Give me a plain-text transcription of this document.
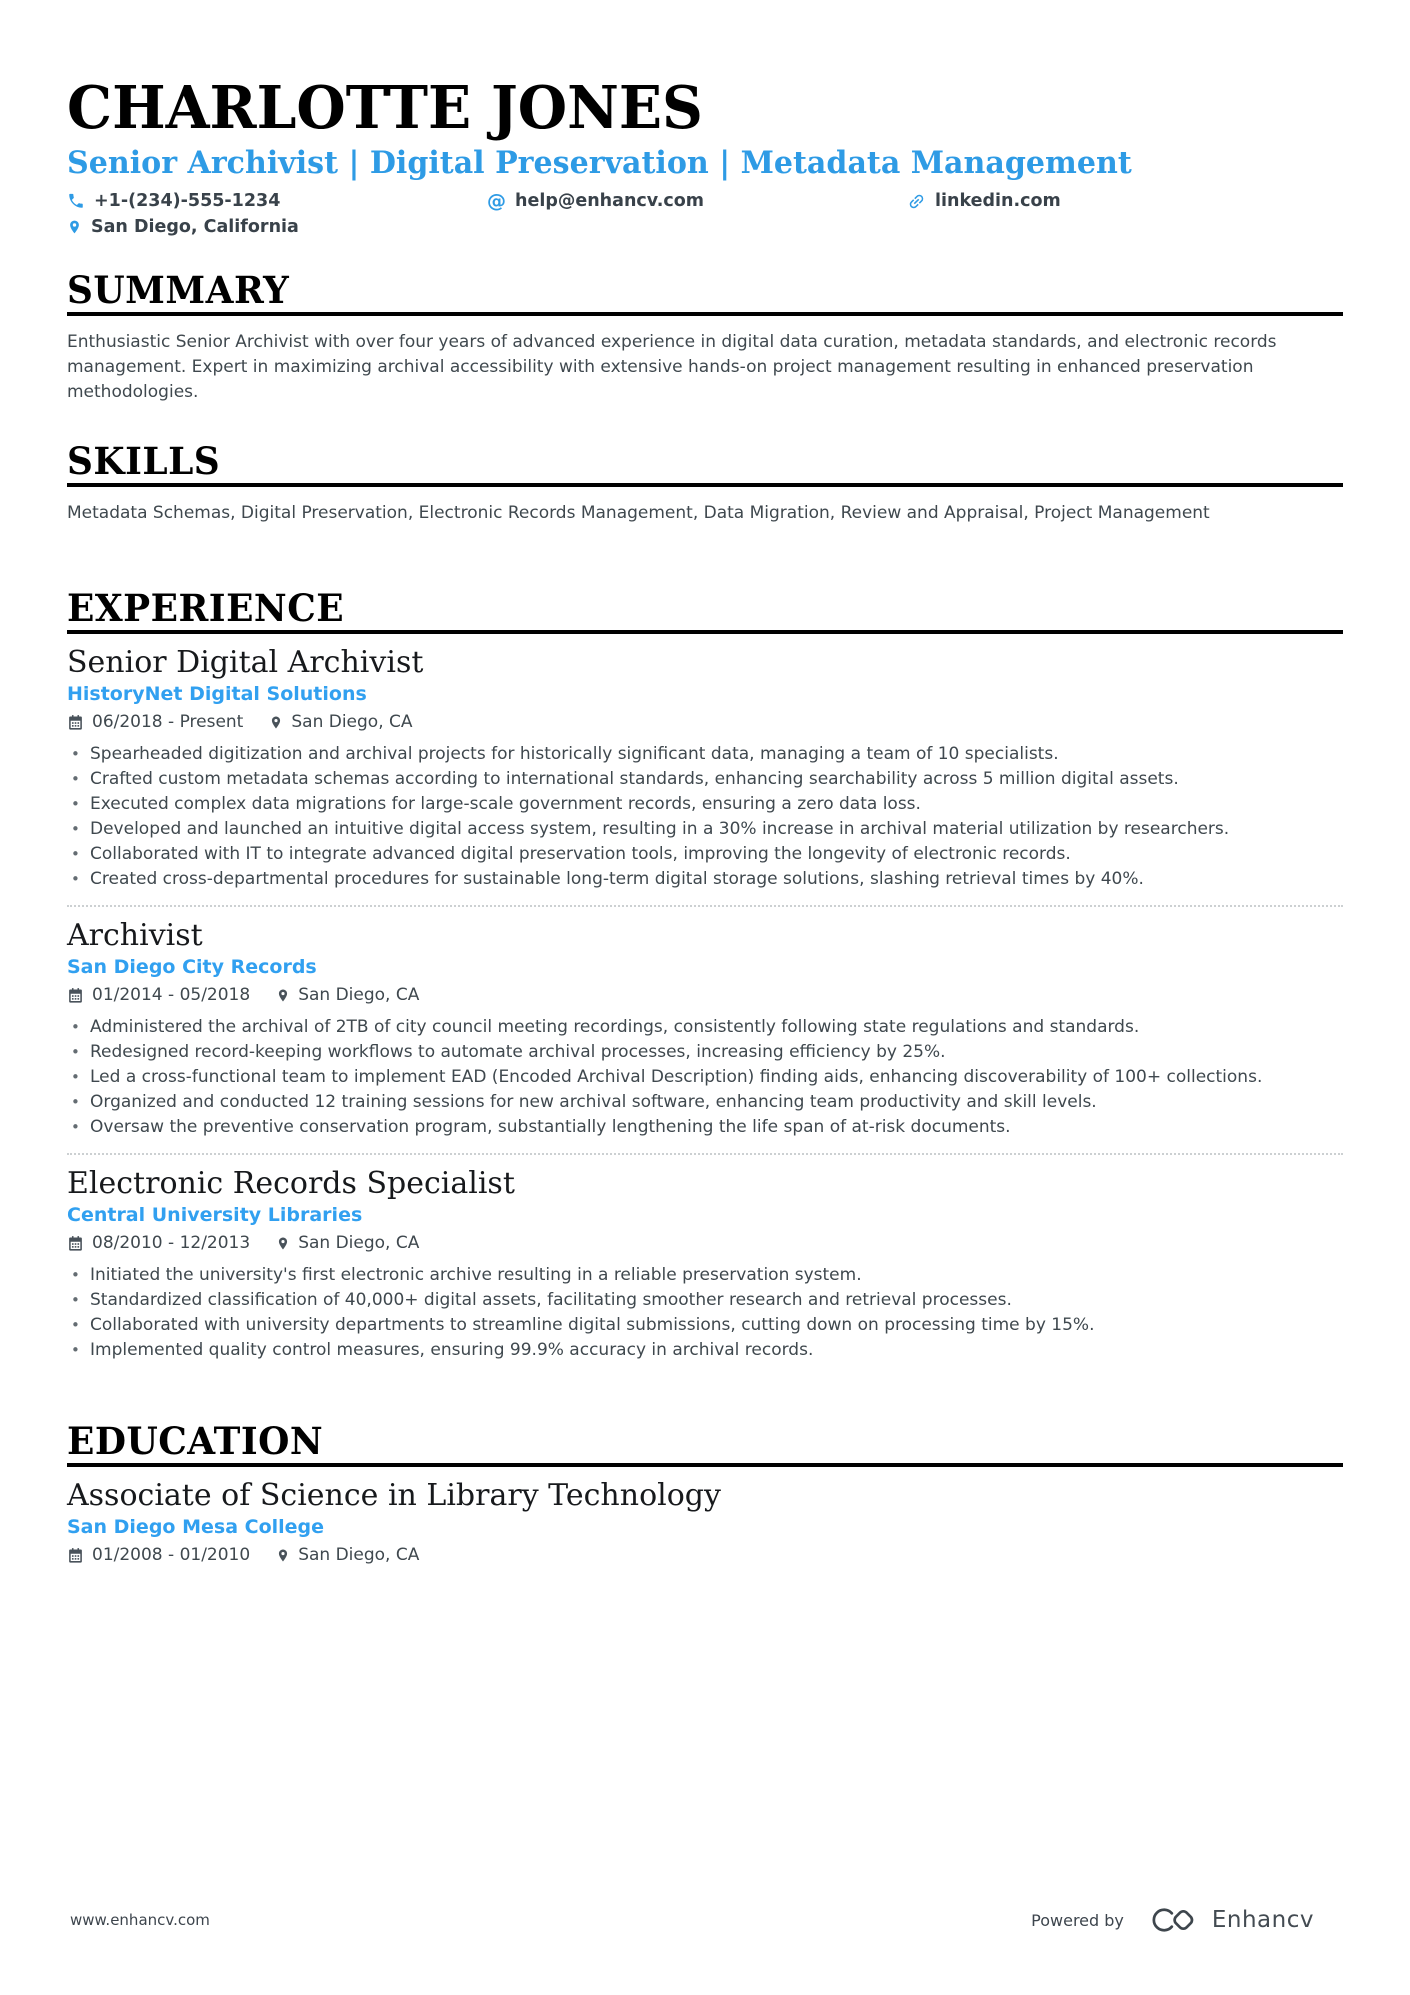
CHARLOTTE JONES
Senior Archivist | Digital Preservation | Metadata Management
+1-(234)-555-1234	@ help@enhancv.com	linkedin.com
San Diego, California
SUMMARY

Enthusiastic Senior Archivist with over four years of advanced experience in digital data curation, metadata standards, and electronic records management. Expert in maximizing archival accessibility with extensive hands-on project management resulting in enhanced preservation methodologies.

SKILLS

Metadata Schemas, Digital Preservation, Electronic Records Management, Data Migration, Review and Appraisal, Project Management

EXPERIENCE
Senior Digital Archivist
HistoryNet Digital Solutions
06/2018 - Present	San Diego, CA
• Spearheaded digitization and archival projects for historically significant data, managing a team of 10 specialists.
• Crafted custom metadata schemas according to international standards, enhancing searchability across 5 million digital assets.
• Executed complex data migrations for large-scale government records, ensuring a zero data loss.
• Developed and launched an intuitive digital access system, resulting in a 30% increase in archival material utilization by researchers.
• Collaborated with IT to integrate advanced digital preservation tools, improving the longevity of electronic records.
• Created cross-departmental procedures for sustainable long-term digital storage solutions, slashing retrieval times by 40%.
Archivist
San Diego City Records
01/2014 - 05/2018	San Diego, CA
• Administered the archival of 2TB of city council meeting recordings, consistently following state regulations and standards.
• Redesigned record-keeping workflows to automate archival processes, increasing efficiency by 25%.
• Led a cross-functional team to implement EAD (Encoded Archival Description) finding aids, enhancing discoverability of 100+ collections.
• Organized and conducted 12 training sessions for new archival software, enhancing team productivity and skill levels.
• Oversaw the preventive conservation program, substantially lengthening the life span of at-risk documents.
Electronic Records Specialist
Central University Libraries
08/2010 - 12/2013	San Diego, CA
• Initiated the university's first electronic archive resulting in a reliable preservation system.
• Standardized classification of 40,000+ digital assets, facilitating smoother research and retrieval processes.
• Collaborated with university departments to streamline digital submissions, cutting down on processing time by 15%.
• Implemented quality control measures, ensuring 99.9% accuracy in archival records.
EDUCATION
Associate of Science in Library Technology
San Diego Mesa College
01/2008 - 01/2010	San Diego, CA
www.enhancv.com	Powered by	Enhancv
